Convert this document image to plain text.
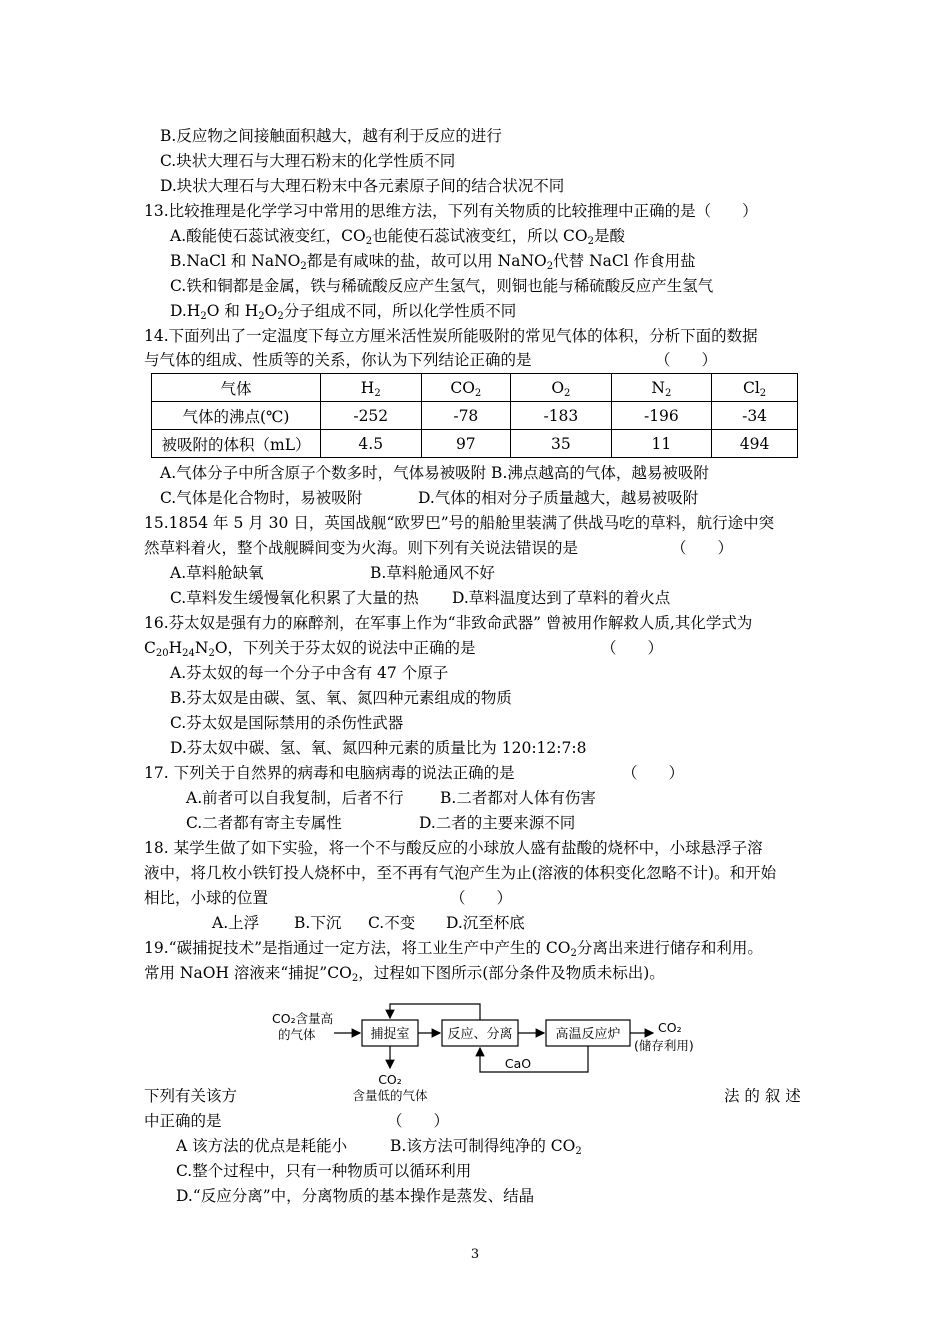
B.反应物之间接触面积越大，越有利于反应的进行
C.块状大理石与大理石粉末的化学性质不同
D.块状大理石与大理石粉末中各元素原子间的结合状况不同
13.比较推理是化学学习中常用的思维方法，下列有关物质的比较推理中正确的是（　　）
A.酸能使石蕊试液变红，$CO_2$也能使石蕊试液变红，所以 $CO_2$是酸
B.NaCl 和 NaNO$_2$都是有咸味的盐，故可以用 NaNO$_2$代替 NaCl 作食用盐
C.铁和铜都是金属，铁与稀硫酸反应产生氢气，则铜也能与稀硫酸反应产生氢气
$D.H_2O$ 和 $H_2O_2$分子组成不同，所以化学性质不同
14.下面列出了一定温度下每立方厘米活性炭所能吸附的常见气体的体积，分析下面的数据
与气体的组成、性质等的关系，你认为下列结论正确的是	（　　）
气体	$H_2$	$CO_2$	$O_2$	$N_2$	$Cl_2$
气体的沸点(℃)	-252	-78	-183	-196	-34
被吸附的体积（mL）	4.5	97	35	11	494
A.气体分子中所含原子个数多时，气体易被吸附 B.沸点越高的气体，越易被吸附
C.气体是化合物时，易被吸附	D.气体的相对分子质量越大，越易被吸附
15.1854 年 5 月 30 日，英国战舰“欧罗巴”号的船舱里装满了供战马吃的草料，航行途中突
然草料着火，整个战舰瞬间变为火海。则下列有关说法错误的是	（　　）
A.草料舱缺氧	B.草料舱通风不好
C.草料发生缓慢氧化积累了大量的热 D.草料温度达到了草料的着火点
16.芬太奴是强有力的麻醉剂，在军事上作为“非致命武器” 曾被用作解救人质,其化学式为
$C_{20}H_{24}N_2O$，下列关于芬太奴的说法中正确的是	（　　）
A.芬太奴的每一个分子中含有 47 个原子
B.芬太奴是由碳、氢、氧、氮四种元素组成的物质
C.芬太奴是国际禁用的杀伤性武器
D.芬太奴中碳、氢、氧、氮四种元素的质量比为 120:12:7:8
17. 下列关于自然界的病毒和电脑病毒的说法正确的是	（　　）
A.前者可以自我复制，后者不行 B.二者都对人体有伤害
C.二者都有寄主专属性	D.二者的主要来源不同
18. 某学生做了如下实验，将一个不与酸反应的小球放人盛有盐酸的烧杯中，小球悬浮子溶
液中，将几枚小铁钉投人烧杯中，至不再有气泡产生为止(溶液的体积变化忽略不计)。和开始
相比，小球的位置	（　　）
A.上浮 B.下沉 C.不变 D.沉至杯底
19.“碳捕捉技术”是指通过一定方法，将工业生产中产生的 $CO_2$分离出来进行储存和利用。
常用 NaOH 溶液来“捕捉$”CO_2$，过程如下图所示(部分条件及物质未标出)。
CO₂含量高
的气体	捕捉室	反应、分离	高温反应炉	CO₂
(储存利用)
CaO
CO₂
含量低的气体
下列有关该方	法 的 叙 述
中正确的是	（　　）
A 该方法的优点是耗能小	B.该方法可制得纯净的 $CO_2$
C.整个过程中，只有一种物质可以循环利用
D.“反应分离”中，分离物质的基本操作是蒸发、结晶
3
